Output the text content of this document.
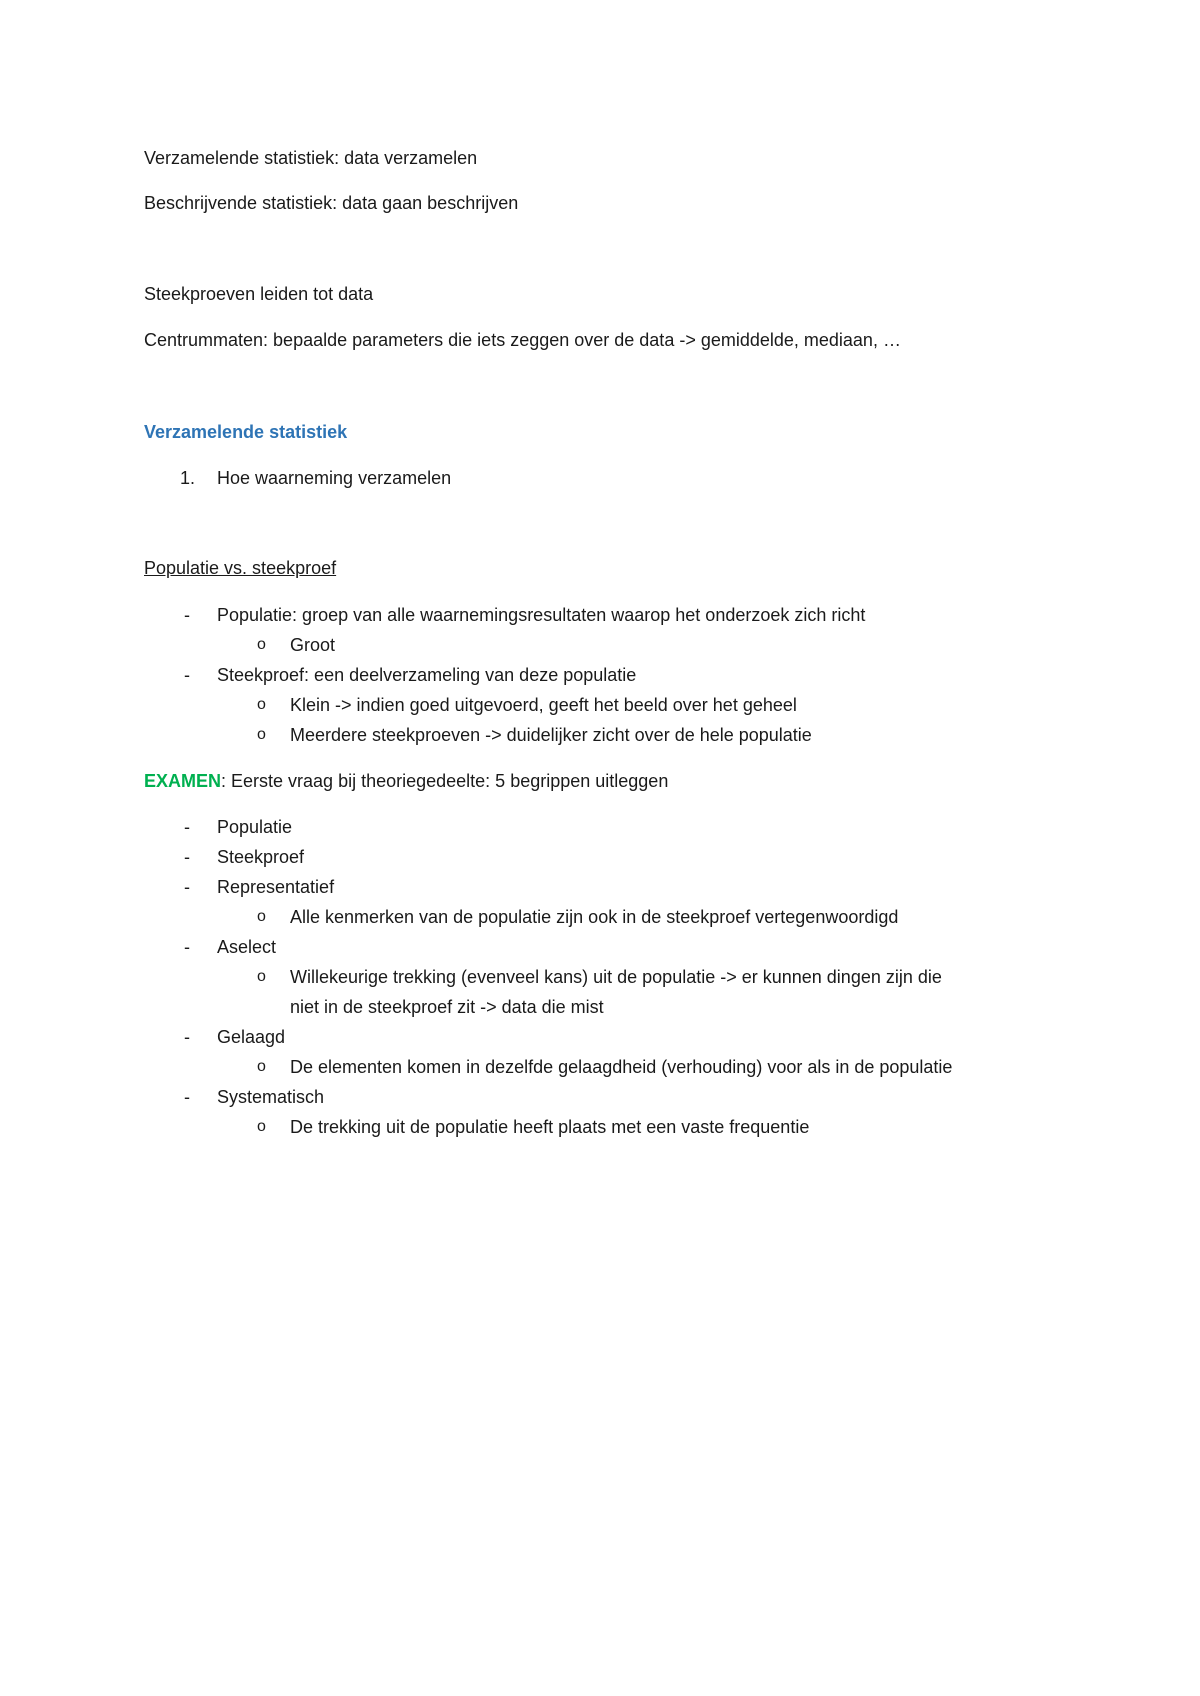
Verzamelende statistiek: data verzamelen
Beschrijvende statistiek: data gaan beschrijven
Steekproeven leiden tot data
Centrummaten: bepaalde parameters die iets zeggen over de data -> gemiddelde, mediaan, …
Verzamelende statistiek
1. Hoe waarneming verzamelen
Populatie vs. steekproef
- Populatie: groep van alle waarnemingsresultaten waarop het onderzoek zich richt
o Groot
- Steekproef: een deelverzameling van deze populatie
o Klein -> indien goed uitgevoerd, geeft het beeld over het geheel
o Meerdere steekproeven -> duidelijker zicht over de hele populatie
EXAMEN: Eerste vraag bij theoriegedeelte: 5 begrippen uitleggen
- Populatie
- Steekproef
- Representatief
o Alle kenmerken van de populatie zijn ook in de steekproef vertegenwoordigd
- Aselect
o Willekeurige trekking (evenveel kans) uit de populatie -> er kunnen dingen zijn die
niet in de steekproef zit -> data die mist
- Gelaagd
o De elementen komen in dezelfde gelaagdheid (verhouding) voor als in de populatie
- Systematisch
o De trekking uit de populatie heeft plaats met een vaste frequentie
